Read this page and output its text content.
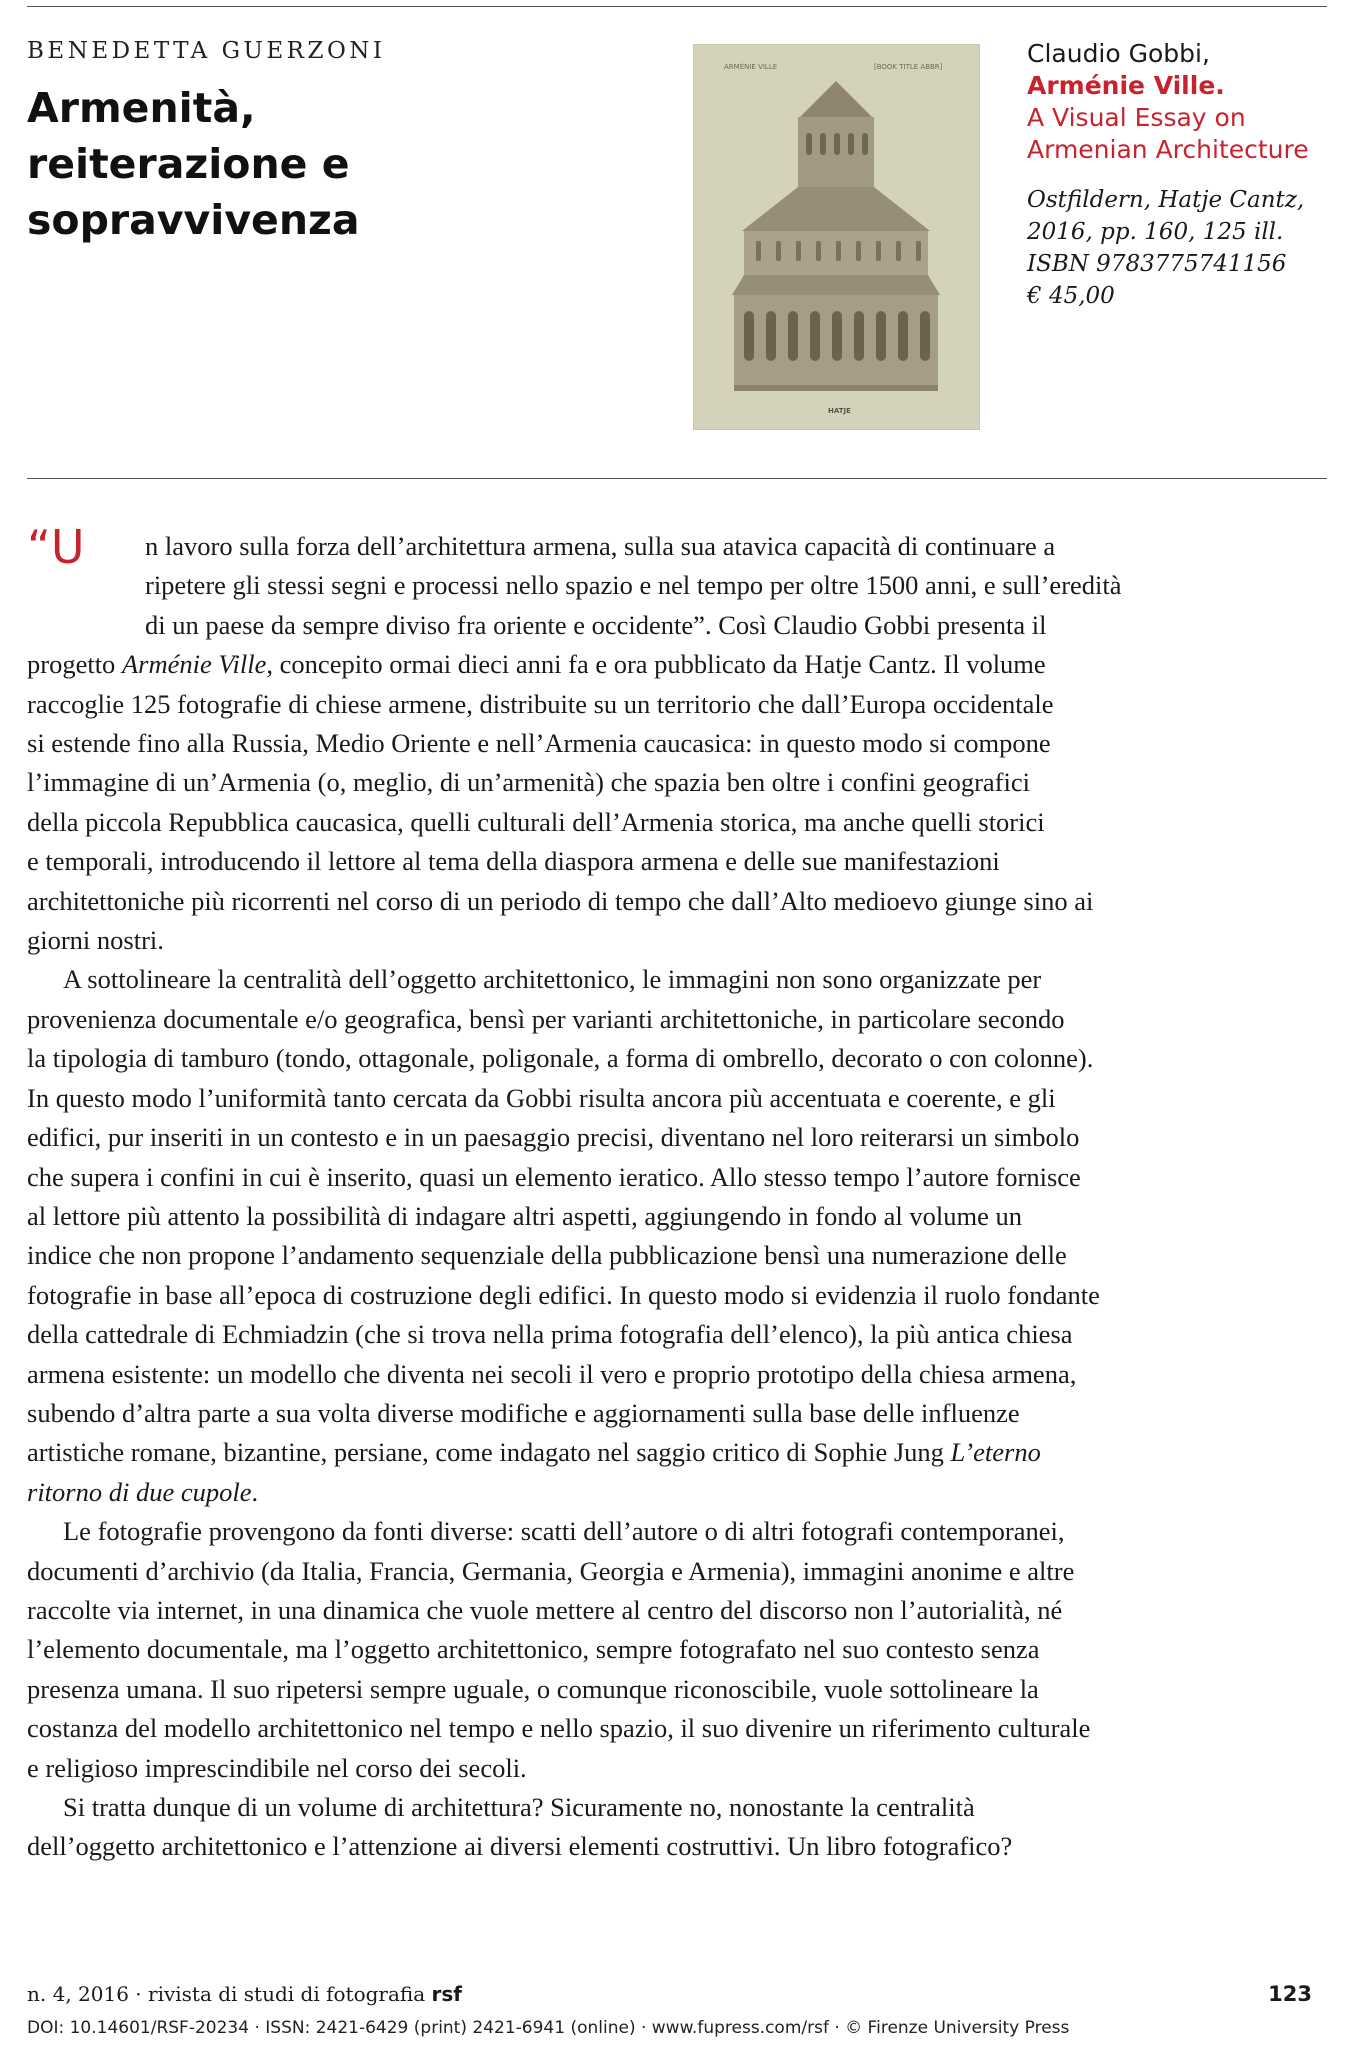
BENEDETTA GUERZONI
Armenità,
reiterazione e
sopravvivenza
ARMÉNIE VILLE	[BOOK TITLE ABBR]
HATJE
Claudio Gobbi,
Arménie Ville.
A Visual Essay on
Armenian Architecture
Ostfildern, Hatje Cantz,
2016, pp. 160, 125 ill.
ISBN 9783775741156
€ 45,00
“U	n lavoro sulla forza dell’architettura armena, sulla sua atavica capacità di continuare a
ripetere gli stessi segni e processi nello spazio e nel tempo per oltre 1500 anni, e sull’eredità
di un paese da sempre diviso fra oriente e occidente”. Così Claudio Gobbi presenta il
progetto Arménie Ville, concepito ormai dieci anni fa e ora pubblicato da Hatje Cantz. Il volume
raccoglie 125 fotografie di chiese armene, distribuite su un territorio che dall’Europa occidentale
si estende fino alla Russia, Medio Oriente e nell’Armenia caucasica: in questo modo si compone
l’immagine di un’Armenia (o, meglio, di un’armenità) che spazia ben oltre i confini geografici
della piccola Repubblica caucasica, quelli culturali dell’Armenia storica, ma anche quelli storici
e temporali, introducendo il lettore al tema della diaspora armena e delle sue manifestazioni
architettoniche più ricorrenti nel corso di un periodo di tempo che dall’Alto medioevo giunge sino ai
giorni nostri.
A sottolineare la centralità dell’oggetto architettonico, le immagini non sono organizzate per
provenienza documentale e/o geografica, bensì per varianti architettoniche, in particolare secondo
la tipologia di tamburo (tondo, ottagonale, poligonale, a forma di ombrello, decorato o con colonne).
In questo modo l’uniformità tanto cercata da Gobbi risulta ancora più accentuata e coerente, e gli
edifici, pur inseriti in un contesto e in un paesaggio precisi, diventano nel loro reiterarsi un simbolo
che supera i confini in cui è inserito, quasi un elemento ieratico. Allo stesso tempo l’autore fornisce
al lettore più attento la possibilità di indagare altri aspetti, aggiungendo in fondo al volume un
indice che non propone l’andamento sequenziale della pubblicazione bensì una numerazione delle
fotografie in base all’epoca di costruzione degli edifici. In questo modo si evidenzia il ruolo fondante
della cattedrale di Echmiadzin (che si trova nella prima fotografia dell’elenco), la più antica chiesa
armena esistente: un modello che diventa nei secoli il vero e proprio prototipo della chiesa armena,
subendo d’altra parte a sua volta diverse modifiche e aggiornamenti sulla base delle influenze
artistiche romane, bizantine, persiane, come indagato nel saggio critico di Sophie Jung L’eterno
ritorno di due cupole.
Le fotografie provengono da fonti diverse: scatti dell’autore o di altri fotografi contemporanei,
documenti d’archivio (da Italia, Francia, Germania, Georgia e Armenia), immagini anonime e altre
raccolte via internet, in una dinamica che vuole mettere al centro del discorso non l’autorialità, né
l’elemento documentale, ma l’oggetto architettonico, sempre fotografato nel suo contesto senza
presenza umana. Il suo ripetersi sempre uguale, o comunque riconoscibile, vuole sottolineare la
costanza del modello architettonico nel tempo e nello spazio, il suo divenire un riferimento culturale
e religioso imprescindibile nel corso dei secoli.
Si tratta dunque di un volume di architettura? Sicuramente no, nonostante la centralità
dell’oggetto architettonico e l’attenzione ai diversi elementi costruttivi. Un libro fotografico?
n. 4, 2016 · rivista di studi di fotografia rsf	123
DOI: 10.14601/RSF-20234 · ISSN: 2421-6429 (print) 2421-6941 (online) · www.fupress.com/rsf · © Firenze University Press
